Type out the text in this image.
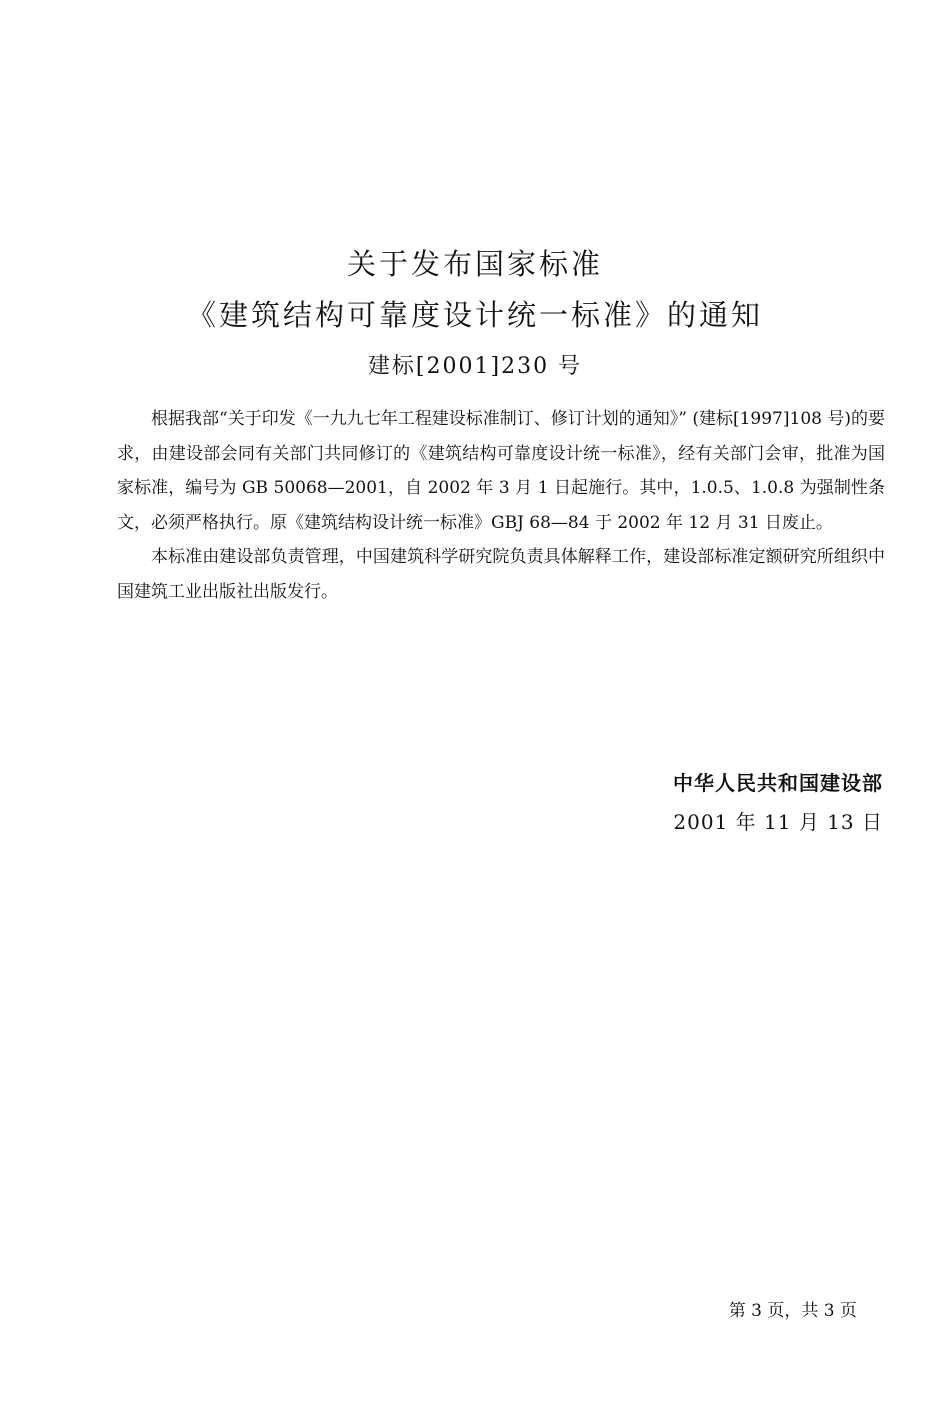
关于发布国家标准
《建筑结构可靠度设计统一标准》的通知
建标[2001]230 号

根据我部“关于印发《一九九七年工程建设标准制订、修订计划的通知》” (建标[1997]108 号)的要求，由建设部会同有关部门共同修订的《建筑结构可靠度设计统一标准》，经有关部门会审，批准为国家标准，编号为 GB 50068—2001，自 2002 年 3 月 1 日起施行。其中，1.0.5、1.0.8 为强制性条文，必须严格执行。原《建筑结构设计统一标准》GBJ 68—84 于 2002 年 12 月 31 日废止。

本标准由建设部负责管理，中国建筑科学研究院负责具体解释工作，建设部标准定额研究所组织中国建筑工业出版社出版发行。

中华人民共和国建设部
2001 年 11 月 13 日
第 3 页，共 3 页
